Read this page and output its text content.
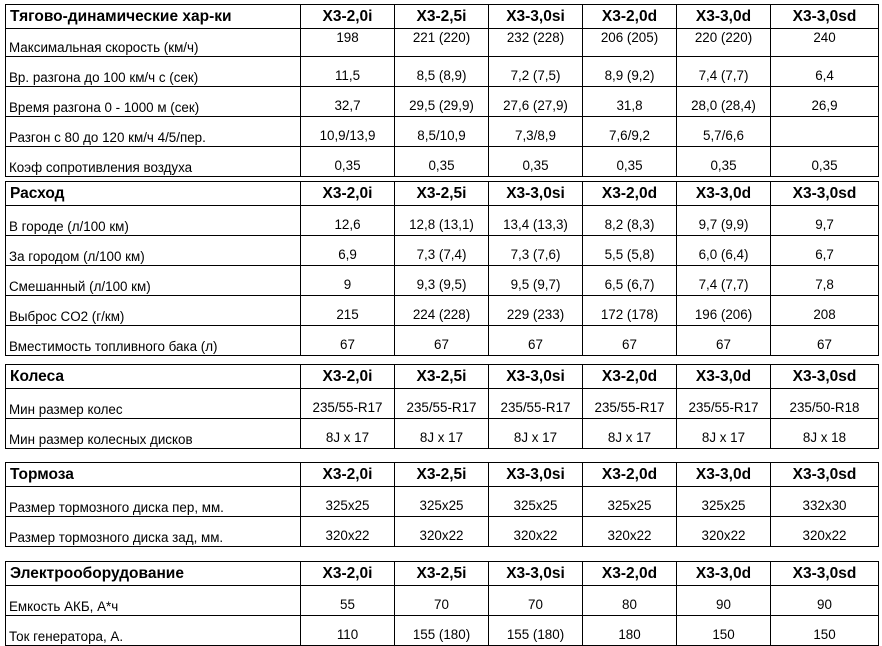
Тягово-динамические хар-ки	X3-2,0i	X3-2,5i	X3-3,0si	X3-2,0d	X3-3,0d	X3-3,0sd
Максимальная скорость (км/ч)	198	221 (220)	232 (228)	206 (205)	220 (220)	240
Вр. разгона до 100 км/ч с (сек)	11,5	8,5 (8,9)	7,2 (7,5)	8,9 (9,2)	7,4 (7,7)	6,4
Время разгона 0 - 1000 м (сек)	32,7	29,5 (29,9)	27,6 (27,9)	31,8	28,0 (28,4)	26,9
Разгон с 80 до 120 км/ч 4/5/пер.	10,9/13,9	8,5/10,9	7,3/8,9	7,6/9,2	5,7/6,6	
Коэф сопротивления воздуха	0,35	0,35	0,35	0,35	0,35	0,35
Расход	X3-2,0i	X3-2,5i	X3-3,0si	X3-2,0d	X3-3,0d	X3-3,0sd
В городе (л/100 км)	12,6	12,8 (13,1)	13,4 (13,3)	8,2 (8,3)	9,7 (9,9)	9,7
За городом (л/100 км)	6,9	7,3 (7,4)	7,3 (7,6)	5,5 (5,8)	6,0 (6,4)	6,7
Смешанный (л/100 км)	9	9,3 (9,5)	9,5 (9,7)	6,5 (6,7)	7,4 (7,7)	7,8
Выброс CO2 (г/км)	215	224 (228)	229 (233)	172 (178)	196 (206)	208
Вместимость топливного бака (л)	67	67	67	67	67	67
Колеса	X3-2,0i	X3-2,5i	X3-3,0si	X3-2,0d	X3-3,0d	X3-3,0sd
Мин размер колес	235/55-R17	235/55-R17	235/55-R17	235/55-R17	235/55-R17	235/50-R18
Мин размер колесных дисков	8J x 17	8J x 17	8J x 17	8J x 17	8J x 17	8J x 18
Тормоза	X3-2,0i	X3-2,5i	X3-3,0si	X3-2,0d	X3-3,0d	X3-3,0sd
Размер тормозного диска пер, мм.	325x25	325x25	325x25	325x25	325x25	332x30
Размер тормозного диска зад, мм.	320x22	320x22	320x22	320x22	320x22	320x22
Электрооборудование	X3-2,0i	X3-2,5i	X3-3,0si	X3-2,0d	X3-3,0d	X3-3,0sd
Емкость АКБ, А*ч	55	70	70	80	90	90
Ток генератора, А.	110	155 (180)	155 (180)	180	150	150
